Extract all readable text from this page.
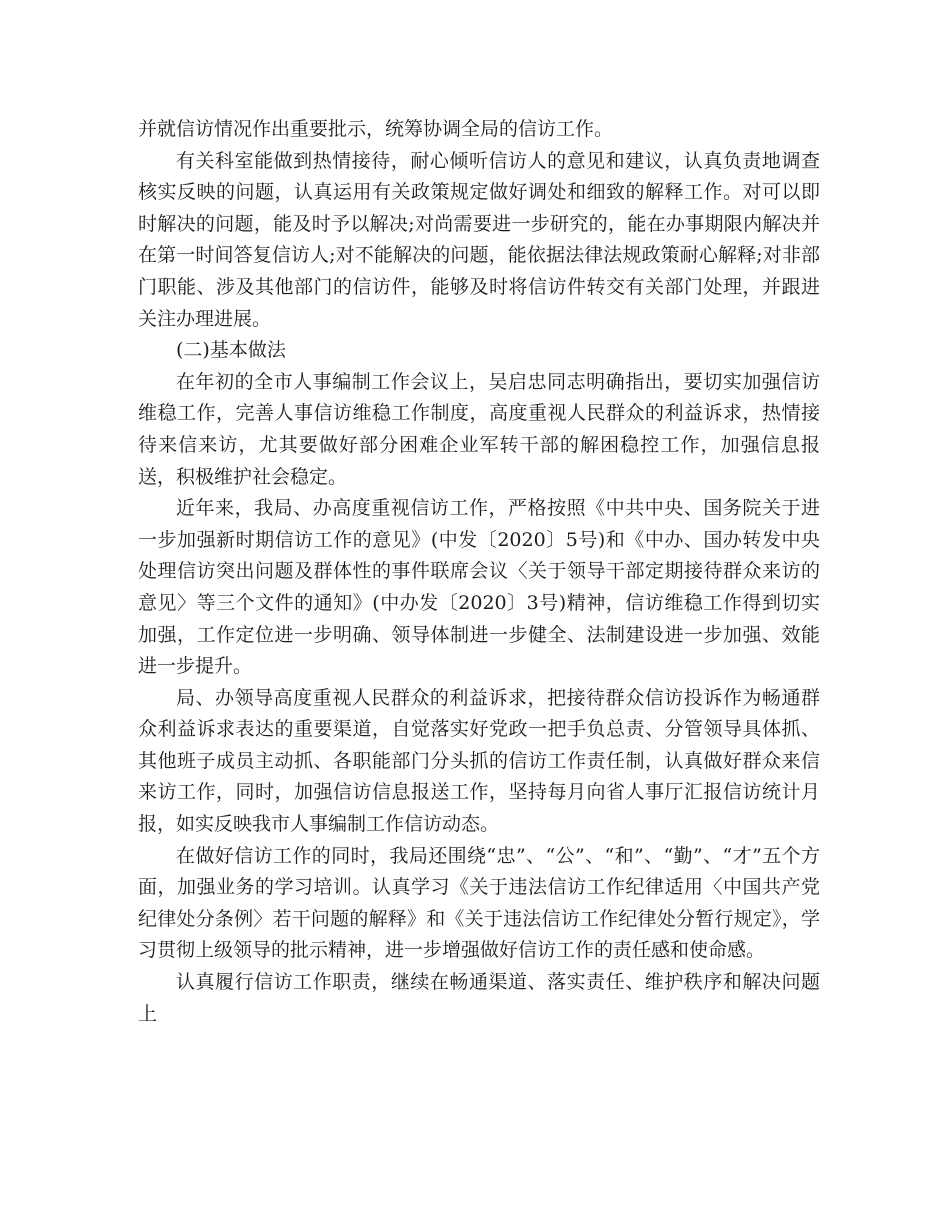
并就信访情况作出重要批示，统筹协调全局的信访工作。

有关科室能做到热情接待，耐心倾听信访人的意见和建议，认真负责地调查核实反映的问题，认真运用有关政策规定做好调处和细致的解释工作。对可以即时解决的问题，能及时予以解决;对尚需要进一步研究的，能在办事期限内解决并在第一时间答复信访人;对不能解决的问题，能依据法律法规政策耐心解释;对非部门职能、涉及其他部门的信访件，能够及时将信访件转交有关部门处理，并跟进关注办理进展。

(二)基本做法

在年初的全市人事编制工作会议上，吴启忠同志明确指出，要切实加强信访维稳工作，完善人事信访维稳工作制度，高度重视人民群众的利益诉求，热情接待来信来访，尤其要做好部分困难企业军转干部的解困稳控工作，加强信息报送，积极维护社会稳定。

近年来，我局、办高度重视信访工作，严格按照《中共中央、国务院关于进一步加强新时期信访工作的意见》(中发〔2020〕5号)和《中办、国办转发中央处理信访突出问题及群体性的事件联席会议〈关于领导干部定期接待群众来访的意见〉等三个文件的通知》(中办发〔2020〕3号)精神，信访维稳工作得到切实加强，工作定位进一步明确、领导体制进一步健全、法制建设进一步加强、效能进一步提升。

局、办领导高度重视人民群众的利益诉求，把接待群众信访投诉作为畅通群众利益诉求表达的重要渠道，自觉落实好党政一把手负总责、分管领导具体抓、其他班子成员主动抓、各职能部门分头抓的信访工作责任制，认真做好群众来信来访工作，同时，加强信访信息报送工作，坚持每月向省人事厅汇报信访统计月报，如实反映我市人事编制工作信访动态。

在做好信访工作的同时，我局还围绕“忠”、“公”、“和”、“勤”、“才”五个方面，加强业务的学习培训。认真学习《关于违法信访工作纪律适用〈中国共产党纪律处分条例〉若干问题的解释》和《关于违法信访工作纪律处分暂行规定》，学习贯彻上级领导的批示精神，进一步增强做好信访工作的责任感和使命感。

认真履行信访工作职责，继续在畅通渠道、落实责任、维护秩序和解决问题上
